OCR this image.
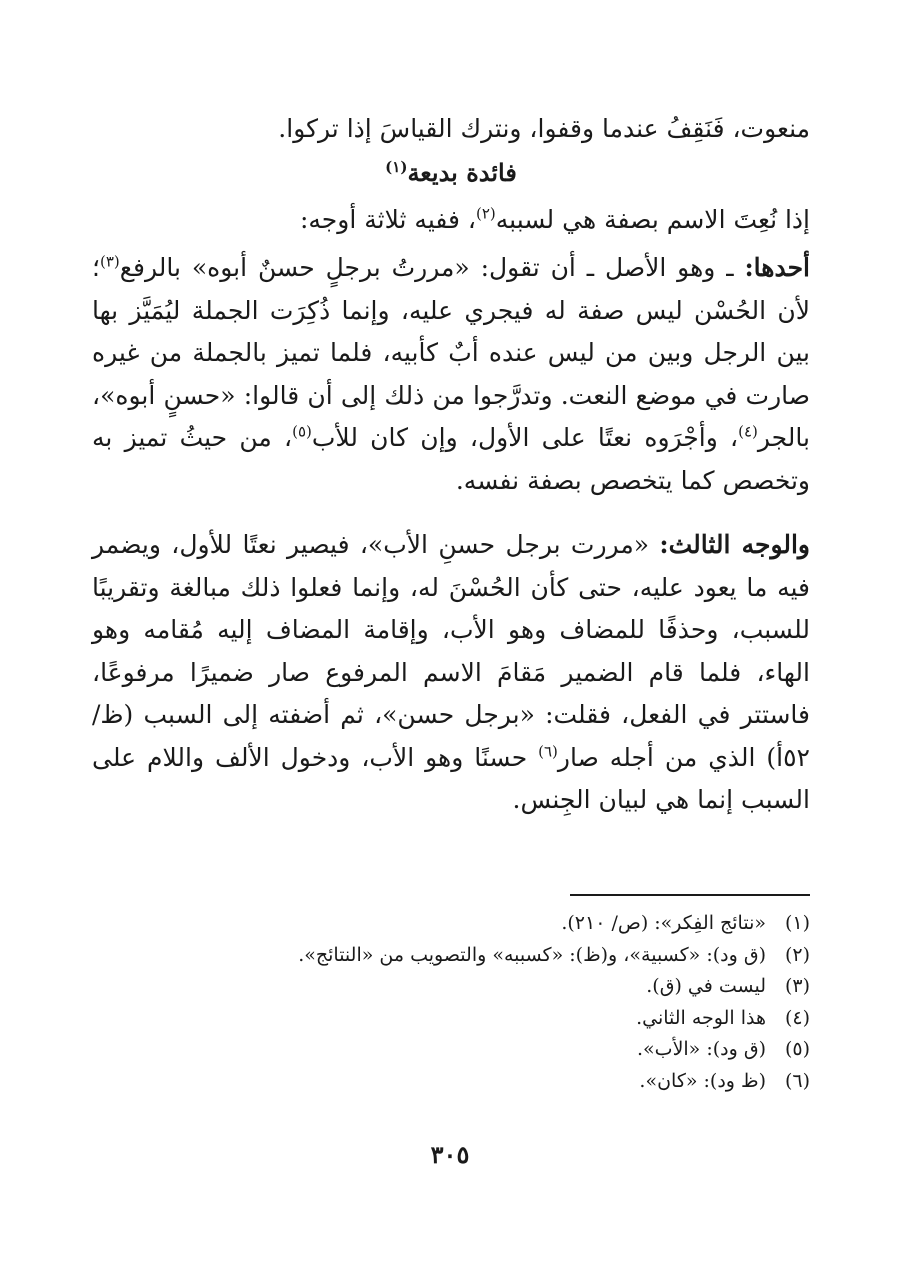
منعوت، فَنَقِفُ عندما وقفوا، ونترك القياسَ إذا تركوا.

فائدة بديعة$^{(١)}$

إذا نُعِتَ الاسم بصفة هي لسببه$^{(٢)}$، ففيه ثلاثة أوجه:

أحدها: ـ وهو الأصل ـ أن تقول: «مررتُ برجلٍ حسنٌ أبوه» بالرفع$^{(٣)}$؛ لأن الحُسْن ليس صفة له فيجري عليه، وإنما ذُكِرَت الجملة ليُمَيَّز بها بين الرجل وبين من ليس عنده أبٌ كأبيه، فلما تميز بالجملة من غيره صارت في موضع النعت. وتدرَّجوا من ذلك إلى أن قالوا: «حسنٍ أبوه»، بالجر$^{(٤)}$، وأجْرَوه نعتًا على الأول، وإن كان للأب$^{(٥)}$، من حيثُ تميز به وتخصص كما يتخصص بصفة نفسه.

والوجه الثالث: «مررت برجل حسنِ الأب»، فيصير نعتًا للأول، ويضمر فيه ما يعود عليه، حتى كأن الحُسْنَ له، وإنما فعلوا ذلك مبالغة وتقريبًا للسبب، وحذفًا للمضاف وهو الأب، وإقامة المضاف إليه مُقامه وهو الهاء، فلما قام الضمير مَقامَ الاسم المرفوع صار ضميرًا مرفوعًا، فاستتر في الفعل، فقلت: «برجل حسن»، ثم أضفته إلى السبب (ظ/٥٢أ) الذي من أجله صار$^{(٦)}$ حسنًا وهو الأب، ودخول الألف واللام على السبب إنما هي لبيان الجِنس.

(١)
«نتائج الفِكر»: (ص/ ٢١٠).
(٢)
(ق ود): «كسبية»، و(ظ): «كسببه» والتصويب من «النتائج».
(٣)
ليست في (ق).
(٤)
هذا الوجه الثاني.
(٥)
(ق ود): «الأب».
(٦)
(ظ ود): «كان».
٣٠٥
